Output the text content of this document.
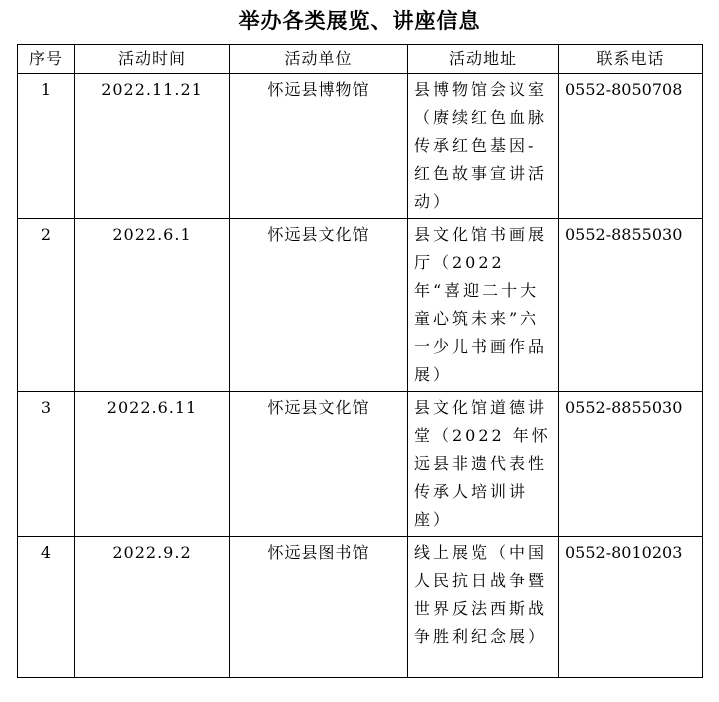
举办各类展览、讲座信息
序号	活动时间	活动单位	活动地址	联系电话
1	2022.11.21	怀远县博物馆	县博物馆会议室（赓续红色血脉 传承红色基因-红色故事宣讲活动）	0552-8050708
2	2022.6.1	怀远县文化馆	县文化馆书画展厅（2022 年“喜迎二十大 童心筑未来”六一少儿书画作品展）	0552-8855030
3	2022.6.11	怀远县文化馆	县文化馆道德讲堂（2022 年怀远县非遗代表性传承人培训讲座）	0552-8855030
4	2022.9.2	怀远县图书馆	线上展览（中国人民抗日战争暨世界反法西斯战争胜利纪念展）	0552-8010203
